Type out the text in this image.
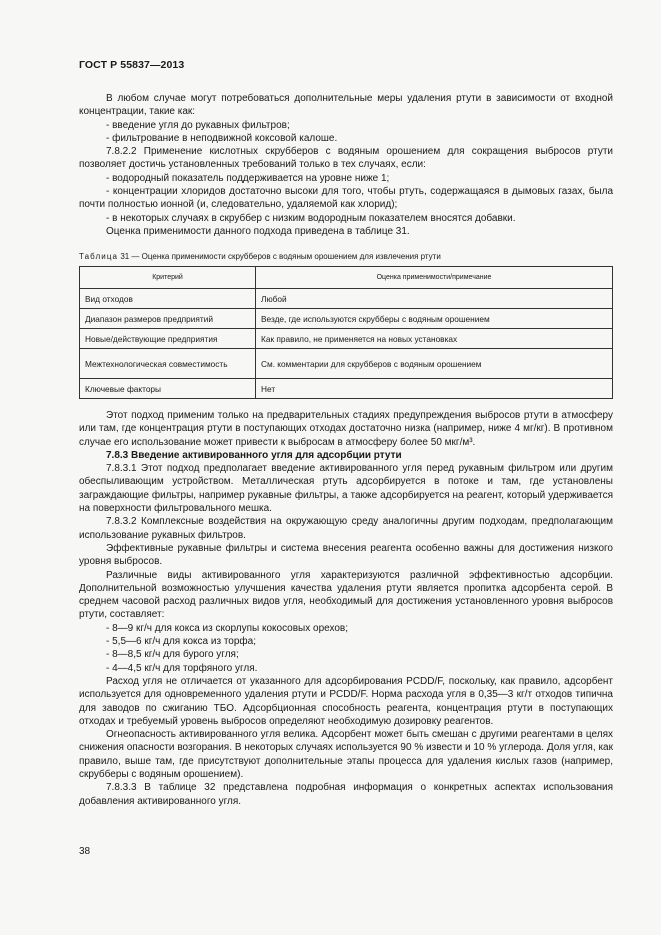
ГОСТ Р 55837—2013

В любом случае могут потребоваться дополнительные меры удаления ртути в зависимости от входной концентрации, такие как:

- введение угля до рукавных фильтров;

- фильтрование в неподвижной коксовой калоше.

7.8.2.2 Применение кислотных скрубберов с водяным орошением для сокращения выбросов ртути позволяет достичь установленных требований только в тех случаях, если:

- водородный показатель поддерживается на уровне ниже 1;

- концентрации хлоридов достаточно высоки для того, чтобы ртуть, содержащаяся в дымовых газах, была почти полностью ионной (и, следовательно, удаляемой как хлорид);

- в некоторых случаях в скруббер с низким водородным показателем вносятся добавки.

Оценка применимости данного подхода приведена в таблице 31.

Таблица 31 — Оценка применимости скрубберов с водяным орошением для извлечения ртути
Критерий	Оценка применимости/примечание
Вид отходов	Любой
Диапазон размеров предприятий	Везде, где используются скрубберы с водяным орошением
Новые/действующие предприятия	Как правило, не применяется на новых установках
Межтехнологическая совместимость	См. комментарии для скрубберов с водяным орошением
Ключевые факторы	Нет

Этот подход применим только на предварительных стадиях предупреждения выбросов ртути в атмосферу или там, где концентрация ртути в поступающих отходах достаточно низка (например, ниже 4 мг/кг). В противном случае его использование может привести к выбросам в атмосферу более 50 мкг/м³.

7.8.3 Введение активированного угля для адсорбции ртути

7.8.3.1 Этот подход предполагает введение активированного угля перед рукавным фильтром или другим обеспыливающим устройством. Металлическая ртуть адсорбируется в потоке и там, где установлены заграждающие фильтры, например рукавные фильтры, а также адсорбируется на реагент, который удерживается на поверхности фильтровального мешка.

7.8.3.2 Комплексные воздействия на окружающую среду аналогичны другим подходам, предполагающим использование рукавных фильтров.

Эффективные рукавные фильтры и система внесения реагента особенно важны для достижения низкого уровня выбросов.

Различные виды активированного угля характеризуются различной эффективностью адсорбции. Дополнительной возможностью улучшения качества удаления ртути является пропитка адсорбента серой. В среднем часовой расход различных видов угля, необходимый для достижения установленного уровня выбросов ртути, составляет:

- 8—9 кг/ч для кокса из скорлупы кокосовых орехов;

- 5,5—6 кг/ч для кокса из торфа;

- 8—8,5 кг/ч для бурого угля;

- 4—4,5 кг/ч для торфяного угля.

Расход угля не отличается от указанного для адсорбирования PCDD/F, поскольку, как правило, адсорбент используется для одновременного удаления ртути и PCDD/F. Норма расхода угля в 0,35—3 кг/т отходов типична для заводов по сжиганию ТБО. Адсорбционная способность реагента, концентрация ртути в поступающих отходах и требуемый уровень выбросов определяют необходимую дозировку реагентов.

Огнеопасность активированного угля велика. Адсорбент может быть смешан с другими реагентами в целях снижения опасности возгорания. В некоторых случаях используется 90 % извести и 10 % углерода. Доля угля, как правило, выше там, где присутствуют дополнительные этапы процесса для удаления кислых газов (например, скрубберы с водяным орошением).

7.8.3.3 В таблице 32 представлена подробная информация о конкретных аспектах использования добавления активированного угля.

38
